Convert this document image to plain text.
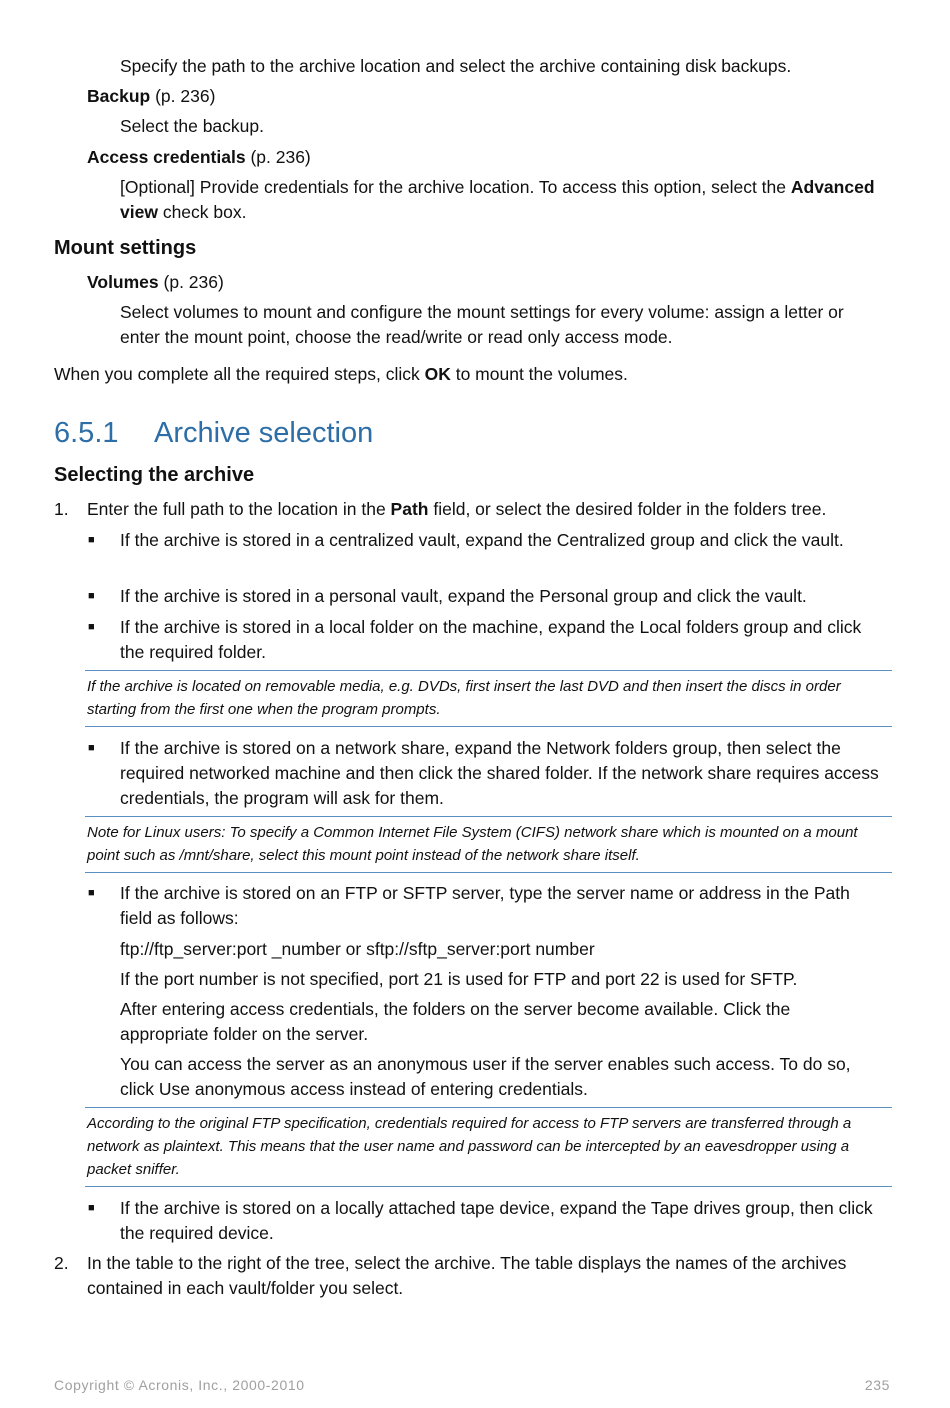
Specify the path to the archive location and select the archive containing disk backups.

Backup (p. 236)

Select the backup.

Access credentials (p. 236)

[Optional] Provide credentials for the archive location. To access this option, select the Advanced view check box.

Mount settings

Volumes (p. 236)

Select volumes to mount and configure the mount settings for every volume: assign a letter or enter the mount point, choose the read/write or read only access mode.

When you complete all the required steps, click OK to mount the volumes.

6.5.1 Archive selection
Selecting the archive
1. Enter the full path to the location in the Path field, or select the desired folder in the folders tree.

■ If the archive is stored in a centralized vault, expand the Centralized group and click the vault.

■ If the archive is stored in a personal vault, expand the Personal group and click the vault.

■ If the archive is stored in a local folder on the machine, expand the Local folders group and click the required folder.

If the archive is located on removable media, e.g. DVDs, first insert the last DVD and then insert the discs in order starting from the first one when the program prompts.
■ If the archive is stored on a network share, expand the Network folders group, then select the required networked machine and then click the shared folder. If the network share requires access credentials, the program will ask for them.

Note for Linux users: To specify a Common Internet File System (CIFS) network share which is mounted on a mount point such as /mnt/share, select this mount point instead of the network share itself.
■ If the archive is stored on an FTP or SFTP server, type the server name or address in the Path field as follows:

ftp://ftp_server:port _number or sftp://sftp_server:port number

If the port number is not specified, port 21 is used for FTP and port 22 is used for SFTP.

After entering access credentials, the folders on the server become available. Click the appropriate folder on the server.

You can access the server as an anonymous user if the server enables such access. To do so, click Use anonymous access instead of entering credentials.

According to the original FTP specification, credentials required for access to FTP servers are transferred through a network as plaintext. This means that the user name and password can be intercepted by an eavesdropper using a packet sniffer.
■ If the archive is stored on a locally attached tape device, expand the Tape drives group, then click the required device.

2. In the table to the right of the tree, select the archive. The table displays the names of the archives contained in each vault/folder you select.

Copyright © Acronis, Inc., 2000-2010	235
